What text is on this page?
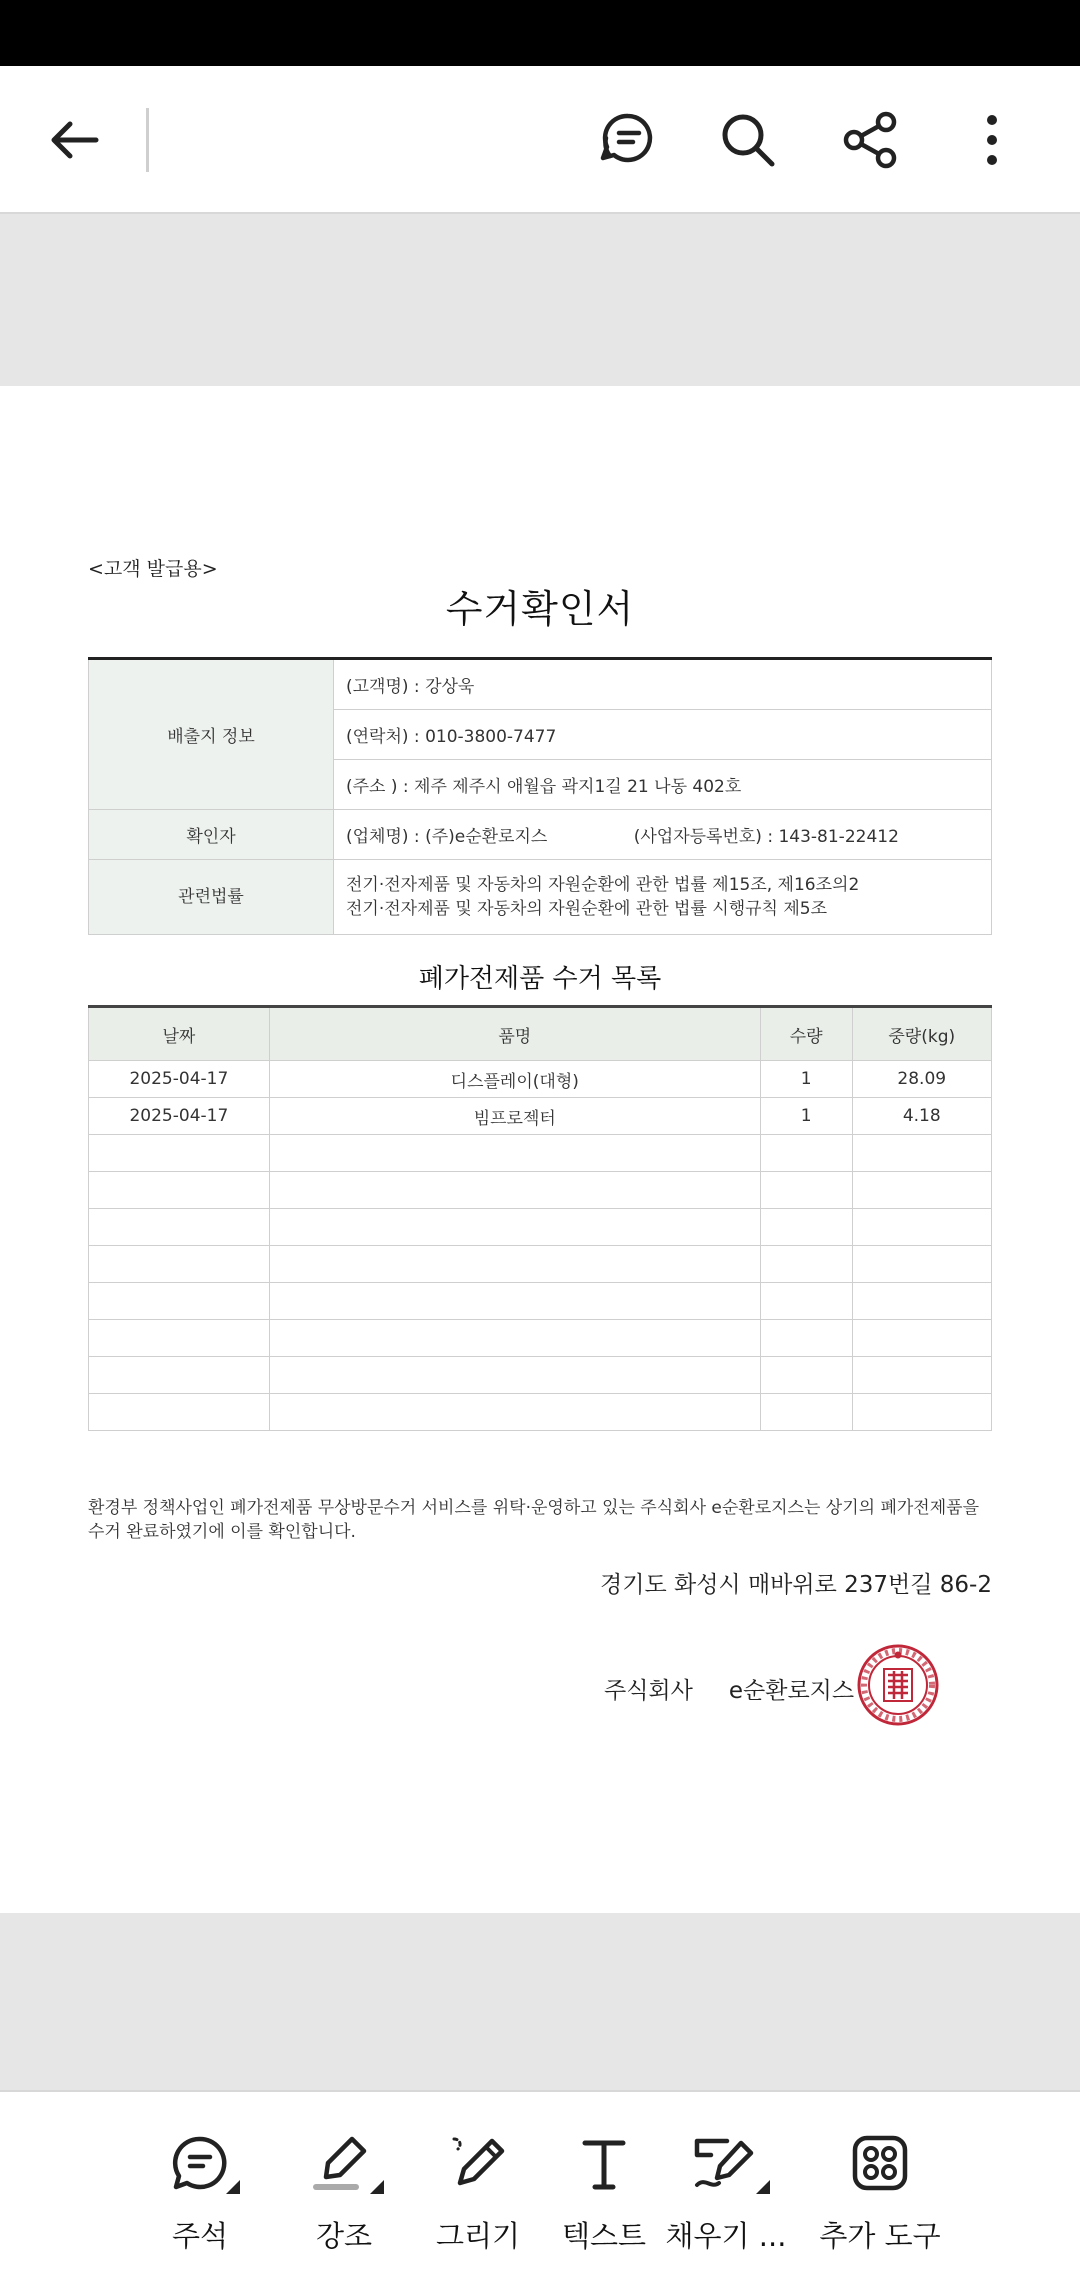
<고객 발급용>
수거확인서
배출지 정보	(고객명) : 강상욱	
	(연락처) : 010-3800-7477	
	(주소 ) : 제주 제주시 애월읍 곽지1길 21 나동 402호	
확인자	(업체명) : (주)e순환로지스	(사업자등록번호) : 143-81-22412
관련법률	전기·전자제품 및 자동차의 자원순환에 관한 법률 제15조, 제16조의2
전기·전자제품 및 자동차의 자원순환에 관한 법률 시행규칙 제5조	
폐가전제품 수거 목록
날짜	품명	수량	중량(kg)
2025-04-17	디스플레이(대형)	1	28.09
2025-04-17	빔프로젝터	1	4.18

환경부 정책사업인 폐가전제품 무상방문수거 서비스를 위탁·운영하고 있는 주식회사 e순환로지스는 상기의 폐가전제품을
수거 완료하였기에 이를 확인합니다.
경기도 화성시 매바위로 237번길 86-2
주식회사 e순환로지스
주석	강조	그리기	텍스트 채우기 ...	추가 도구
